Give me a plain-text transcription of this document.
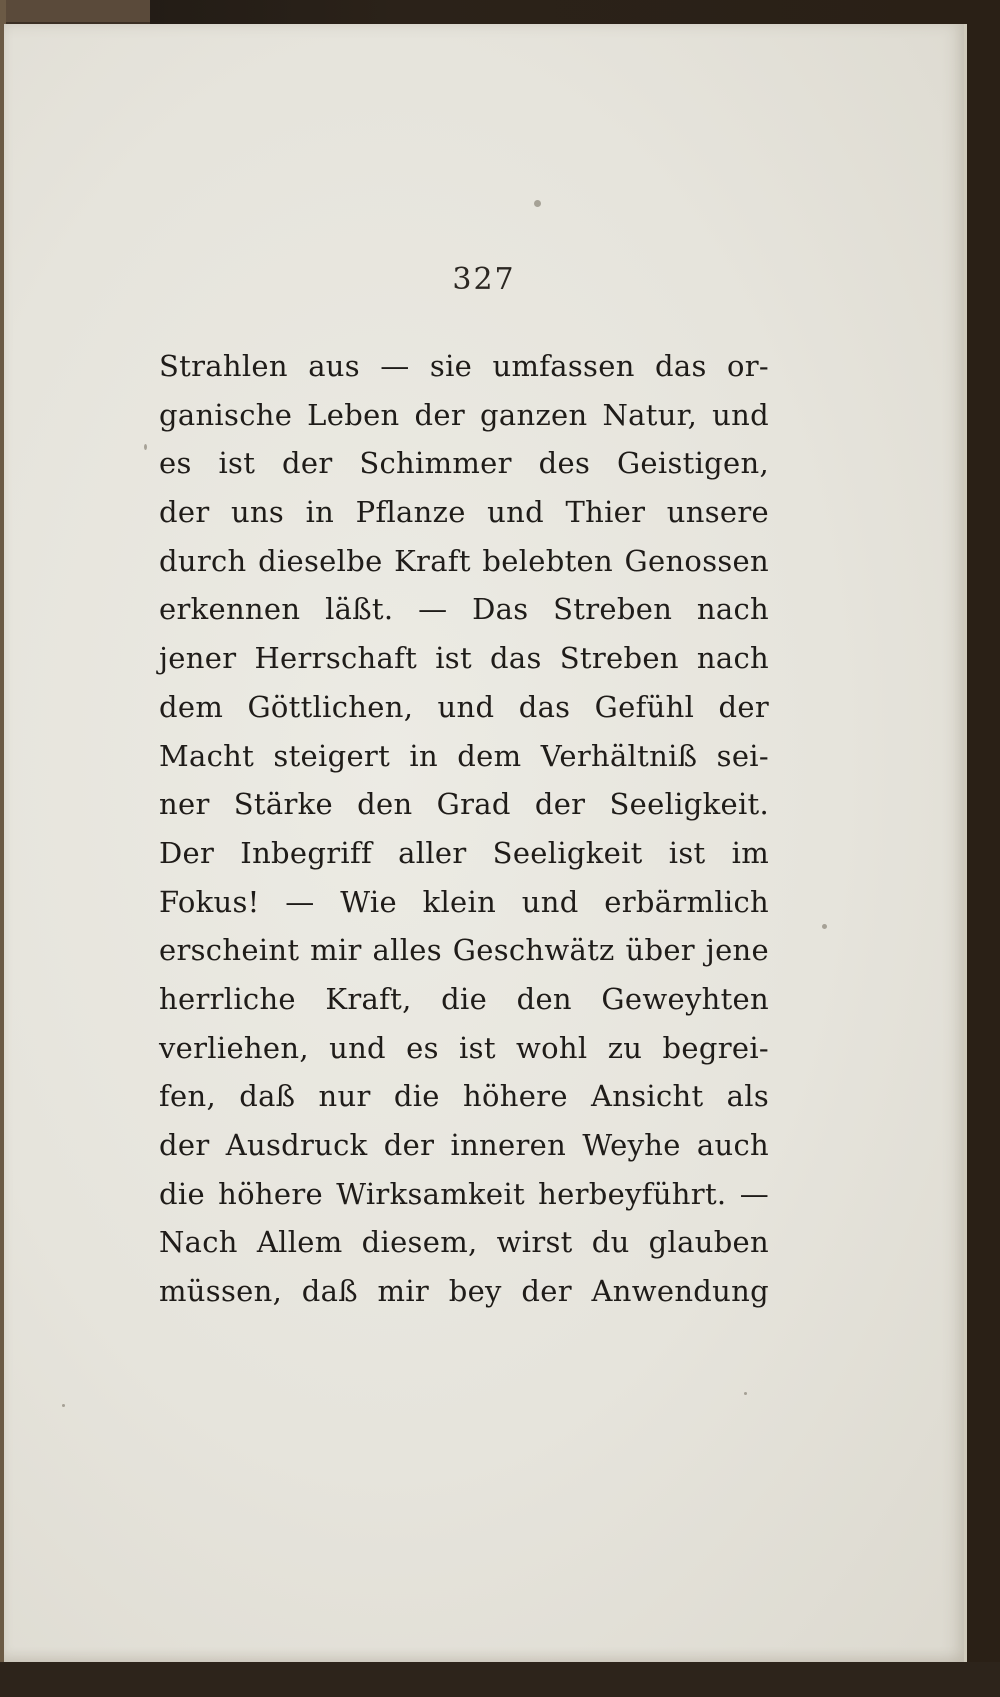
327
Strahlen aus — sie umfassen das or-
ganische Leben der ganzen Natur, und
es ist der Schimmer des Geistigen,
der uns in Pflanze und Thier unsere
durch dieselbe Kraft belebten Genossen
erkennen läßt. — Das Streben nach
jener Herrschaft ist das Streben nach
dem Göttlichen, und das Gefühl der
Macht steigert in dem Verhältniß sei-
ner Stärke den Grad der Seeligkeit.
Der Inbegriff aller Seeligkeit ist im
Fokus! — Wie klein und erbärmlich
erscheint mir alles Geschwätz über jene
herrliche Kraft, die den Geweyhten
verliehen, und es ist wohl zu begrei-
fen, daß nur die höhere Ansicht als
der Ausdruck der inneren Weyhe auch
die höhere Wirksamkeit herbeyführt. —
Nach Allem diesem, wirst du glauben
müssen, daß mir bey der Anwendung
